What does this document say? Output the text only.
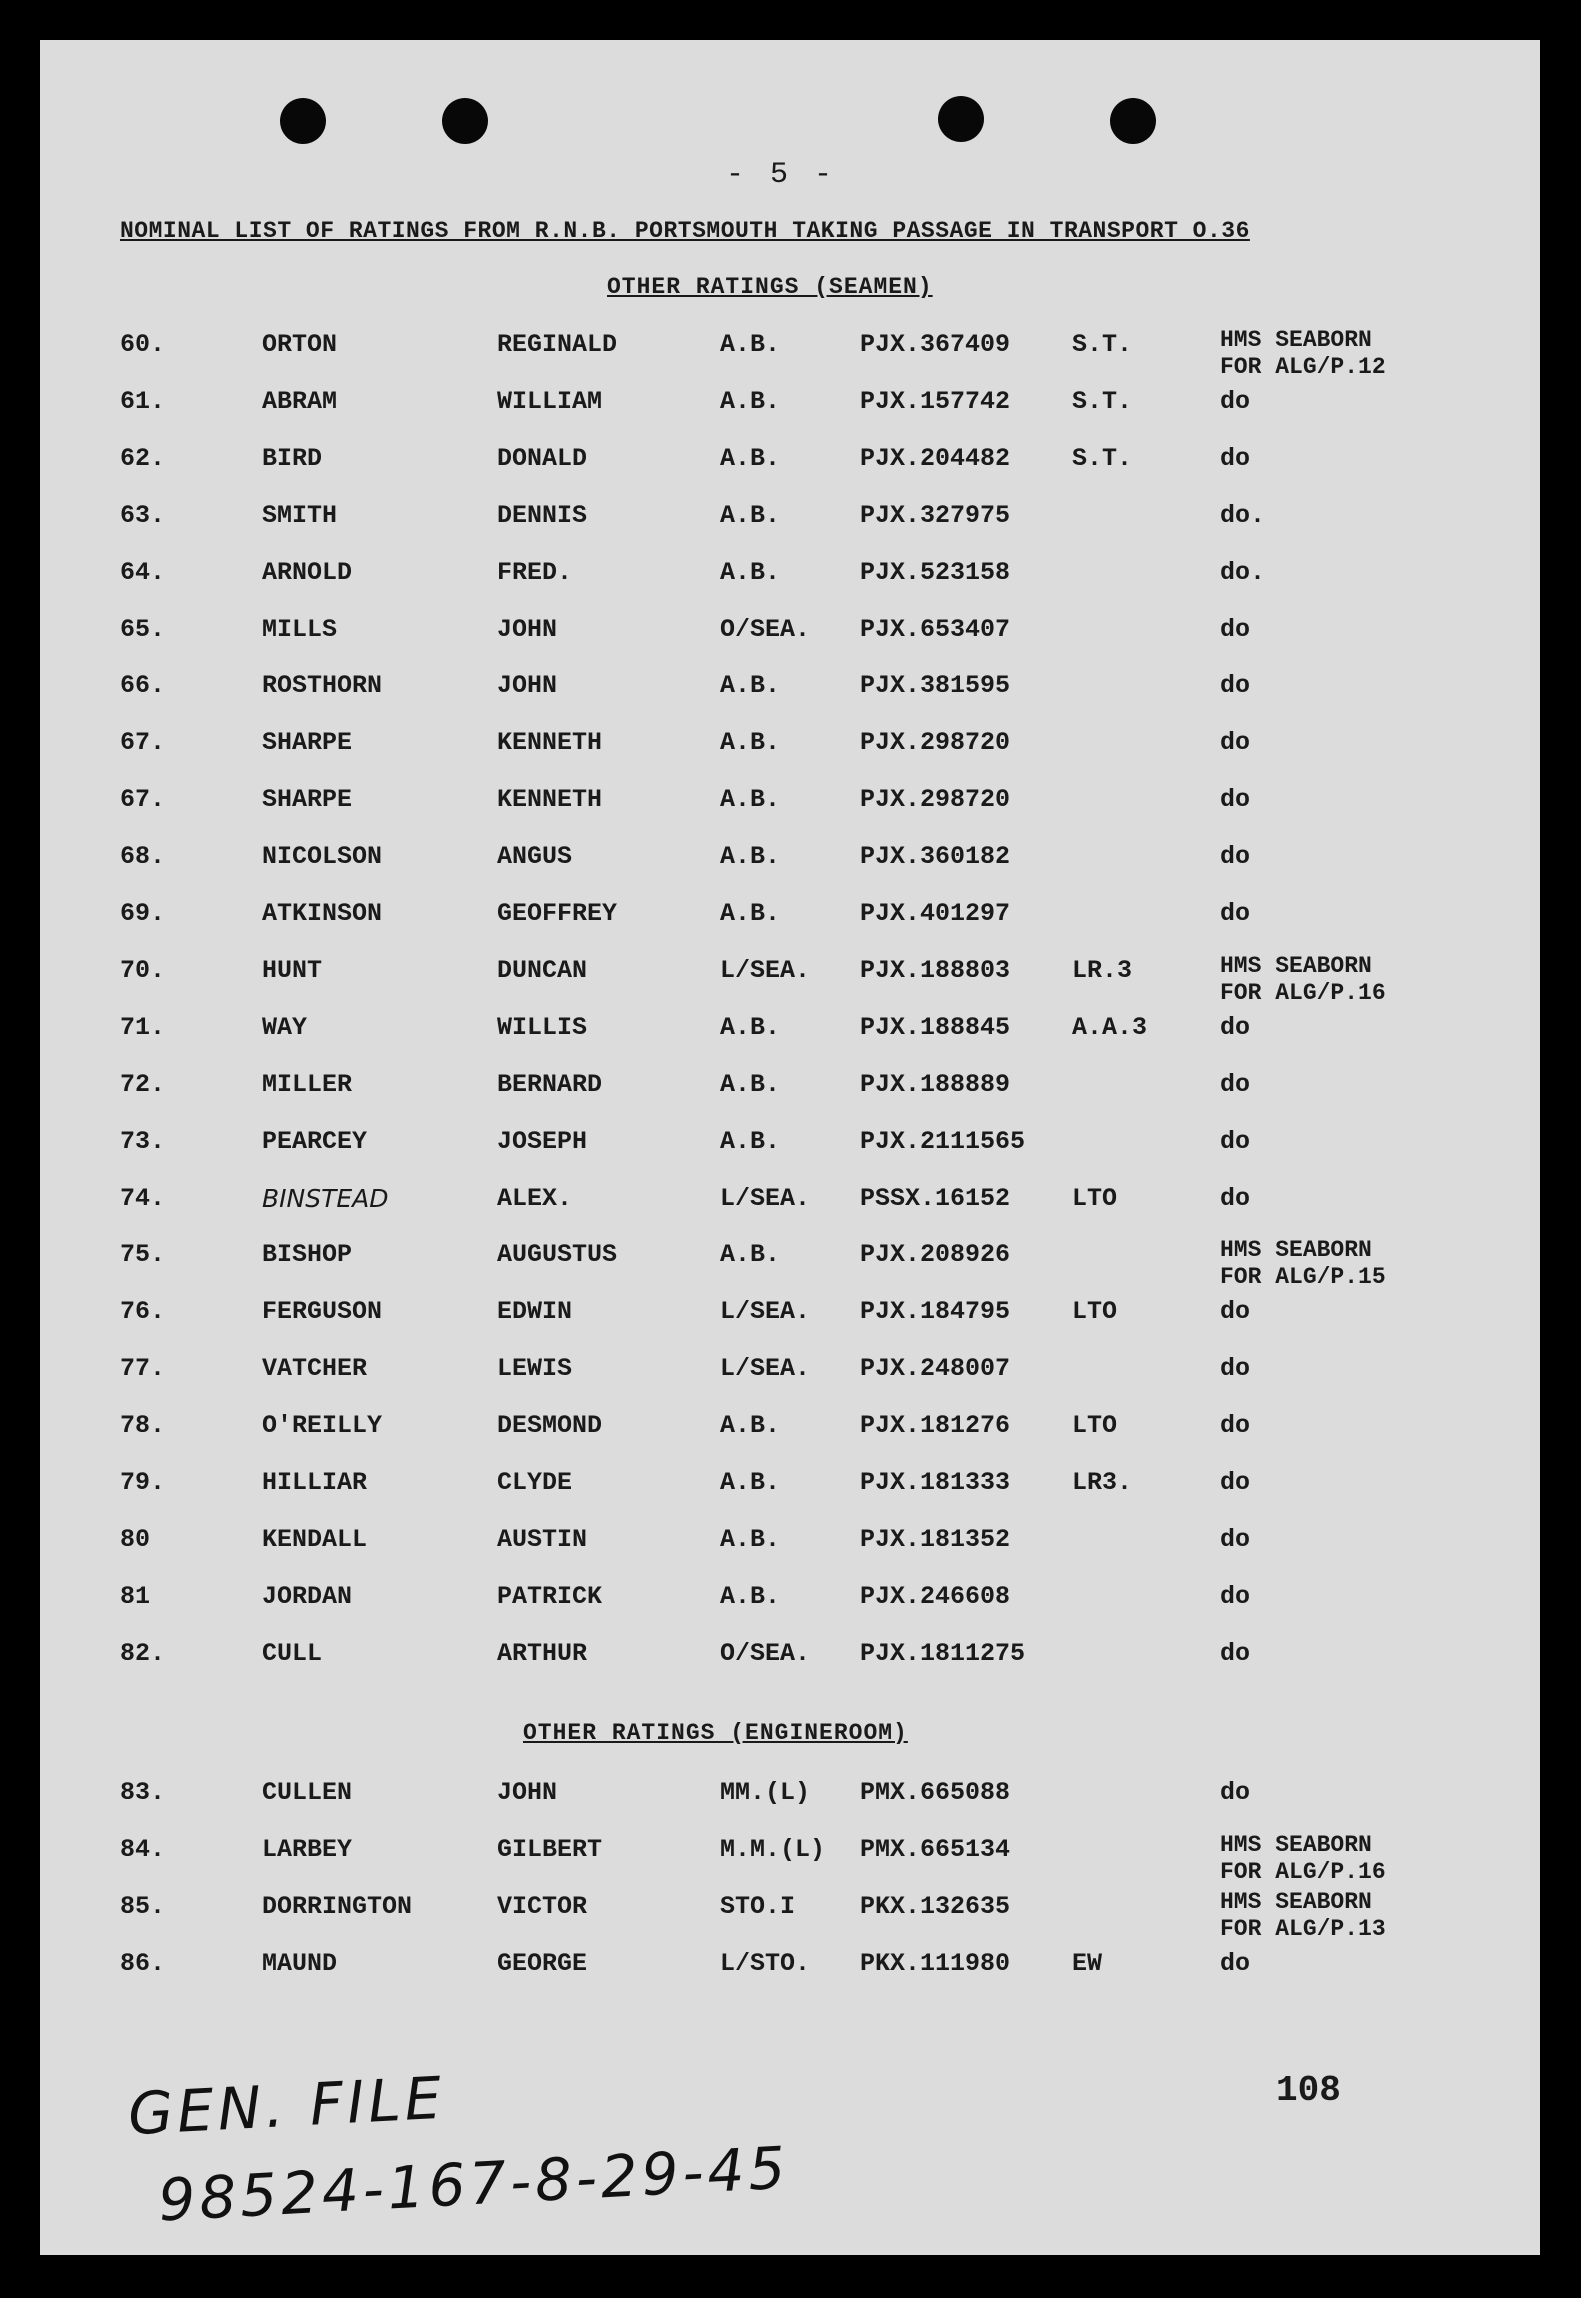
- 5 -
NOMINAL LIST OF RATINGS FROM R.N.B. PORTSMOUTH TAKING PASSAGE IN TRANSPORT O.36
OTHER RATINGS (SEAMEN)
60.	ORTON	REGINALD	A.B.	PJX.367409 S.T.	HMS SEABORN
FOR ALG/P.12
61.	ABRAM	WILLIAM	A.B.	PJX.157742 S.T.	do
62.	BIRD	DONALD	A.B.	PJX.204482 S.T.	do
63.	SMITH	DENNIS	A.B.	PJX.327975	do.
64.	ARNOLD	FRED.	A.B.	PJX.523158	do.
65.	MILLS	JOHN	O/SEA. PJX.653407	do
66.	ROSTHORN	JOHN	A.B.	PJX.381595	do
67.	SHARPE	KENNETH	A.B.	PJX.298720	do
67.	SHARPE	KENNETH	A.B.	PJX.298720	do
68.	NICOLSON	ANGUS	A.B.	PJX.360182	do
69.	ATKINSON	GEOFFREY	A.B.	PJX.401297	do
70.	HUNT	DUNCAN	L/SEA. PJX.188803 LR.3	HMS SEABORN
FOR ALG/P.16
71.	WAY	WILLIS	A.B.	PJX.188845 A.A.3	do
72.	MILLER	BERNARD	A.B.	PJX.188889	do
73.	PEARCEY	JOSEPH	A.B.	PJX.2111565	do
74.	BINSTEAD	ALEX.	L/SEA. PSSX.16152 LTO	do
75.	BISHOP	AUGUSTUS	A.B.	PJX.208926	HMS SEABORN
FOR ALG/P.15
76.	FERGUSON	EDWIN	L/SEA. PJX.184795 LTO	do
77.	VATCHER	LEWIS	L/SEA. PJX.248007	do
78.	O'REILLY	DESMOND	A.B.	PJX.181276 LTO	do
79.	HILLIAR	CLYDE	A.B.	PJX.181333 LR3.	do
80	KENDALL	AUSTIN	A.B.	PJX.181352	do
81	JORDAN	PATRICK	A.B.	PJX.246608	do
82.	CULL	ARTHUR	O/SEA. PJX.1811275	do
OTHER RATINGS (ENGINEROOM)
83.	CULLEN	JOHN	MM.(L) PMX.665088	do
84.	LARBEY	GILBERT	M.M.(L) PMX.665134	HMS SEABORN
FOR ALG/P.16
85.	DORRINGTON	VICTOR	STO.I	PKX.132635	HMS SEABORN
FOR ALG/P.13
86.	MAUND	GEORGE	L/STO. PKX.111980 EW	do
108
GEN. FILE
98524-167-8-29-45
